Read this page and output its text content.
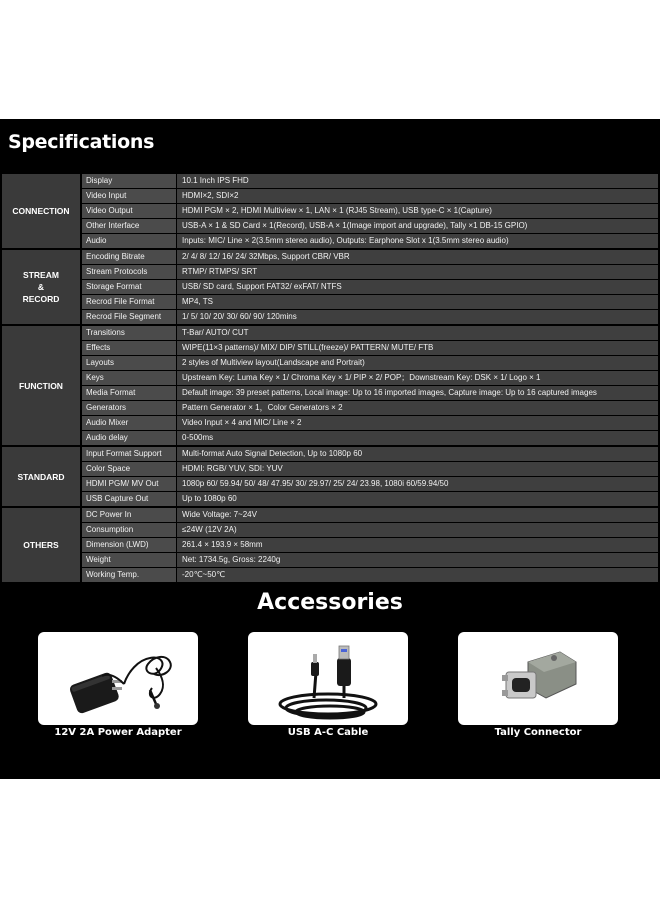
Specifications
CONNECTION
Display	10.1 Inch IPS FHD
Video Input	HDMI×2, SDI×2
Video Output	HDMI PGM × 2, HDMI Multiview × 1, LAN × 1 (RJ45 Stream), USB type-C × 1(Capture)
Other Interface	USB-A × 1 & SD Card × 1(Record), USB-A × 1(Image import and upgrade), Tally ×1 DB-15 GPIO)
Audio	Inputs: MIC/ Line × 2(3.5mm stereo audio), Outputs: Earphone Slot x 1(3.5mm stereo audio)
STREAM
&
RECORD
Encoding Bitrate	2/ 4/ 8/ 12/ 16/ 24/ 32Mbps, Support CBR/ VBR
Stream Protocols	RTMP/ RTMPS/ SRT
Storage Format	USB/ SD card, Support FAT32/ exFAT/ NTFS
Recrod File Format	MP4, TS
Recrod File Segment	1/ 5/ 10/ 20/ 30/ 60/ 90/ 120mins
FUNCTION
Transitions	T-Bar/ AUTO/ CUT
Effects	WIPE(11×3 patterns)/ MIX/ DIP/ STILL(freeze)/ PATTERN/ MUTE/ FTB
Layouts	2 styles of Multiview layout(Landscape and Portrait)
Keys	Upstream Key: Luma Key × 1/ Chroma Key × 1/ PIP × 2/ POP；Downstream Key: DSK × 1/ Logo × 1
Media Format	Default image: 39 preset patterns, Local image: Up to 16 imported images, Capture image: Up to 16 captured images
Generators	Pattern Generator × 1，Color Generators × 2
Audio Mixer	Video Input × 4 and MIC/ Line × 2
Audio delay	0-500ms
STANDARD
Input Format Support	Multi-format Auto Signal Detection, Up to 1080p 60
Color Space	HDMI: RGB/ YUV, SDI: YUV
HDMI PGM/ MV Out	1080p 60/ 59.94/ 50/ 48/ 47.95/ 30/ 29.97/ 25/ 24/ 23.98, 1080i 60/59.94/50
USB Capture Out	Up to 1080p 60
OTHERS
DC Power In	Wide Voltage: 7~24V
Consumption	≤24W (12V 2A)
Dimension (LWD)	261.4 × 193.9 × 58mm
Weight	Net: 1734.5g, Gross: 2240g
Working Temp.	-20℃~50℃
Accessories
12V 2A Power Adapter	USB A-C Cable	Tally Connector
